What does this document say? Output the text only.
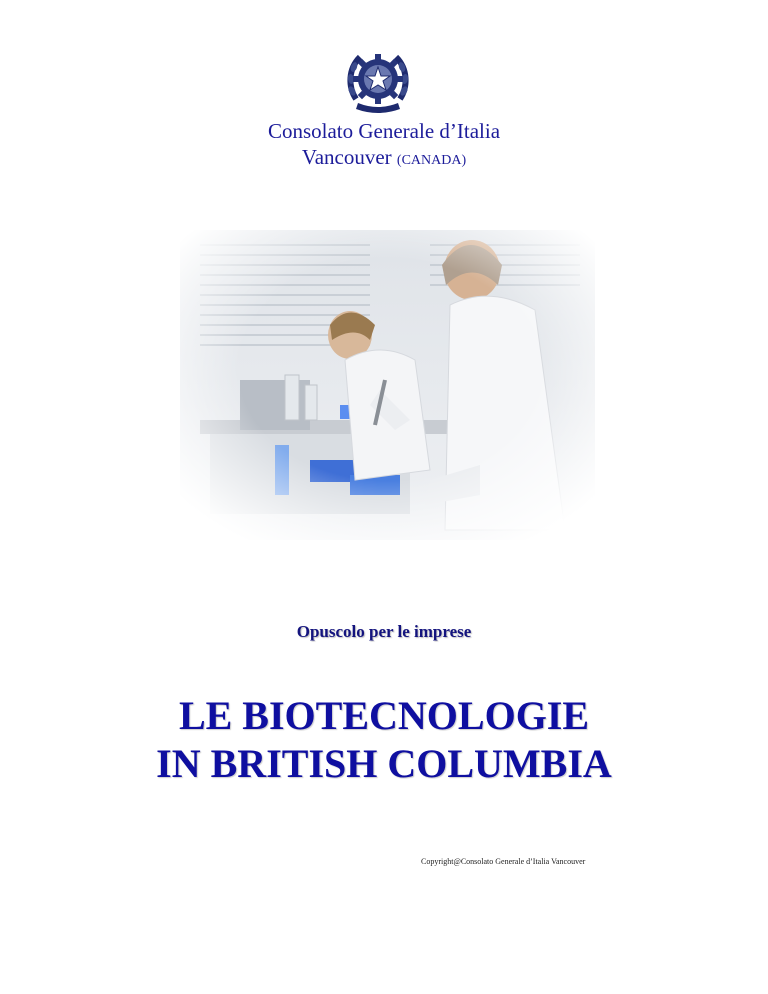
Consolato Generale d’Italia
Vancouver (CANADA)
Opuscolo per le imprese
LE BIOTECNOLOGIE
IN BRITISH COLUMBIA
Copyright@Consolato Generale d’Italia Vancouver
